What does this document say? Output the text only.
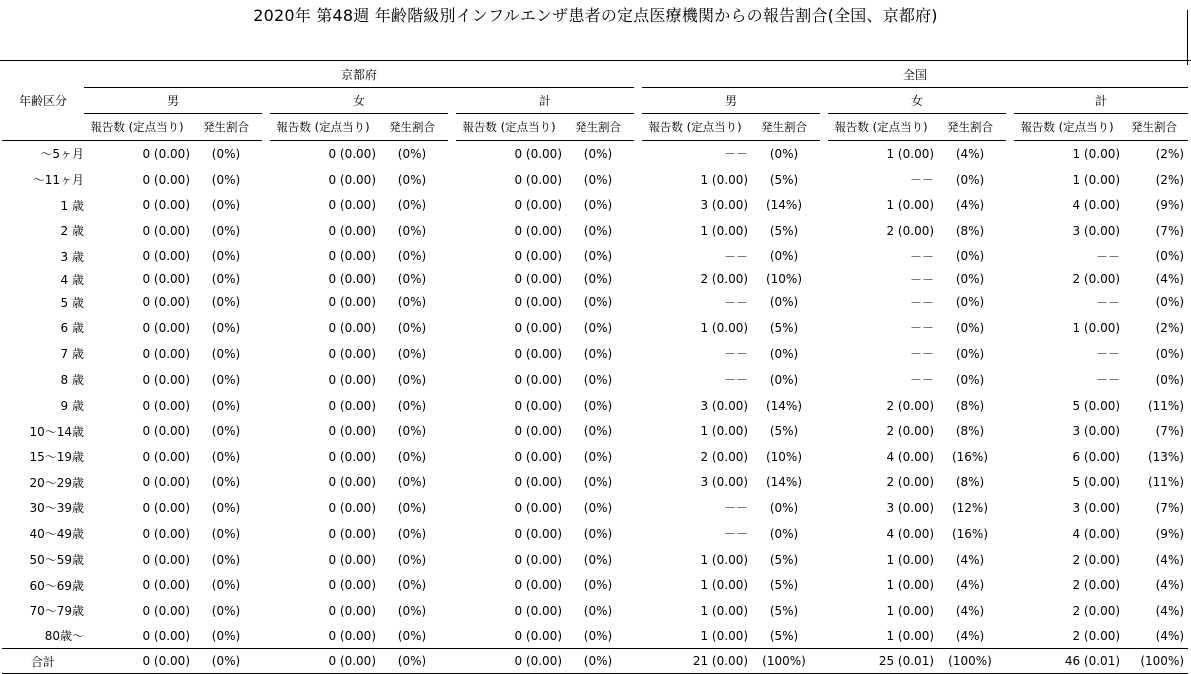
2020年 第48週 年齢階級別インフルエンザ患者の定点医療機関からの報告割合(全国、京都府)
年齢区分	京都府									全国							
	男			女			計			男			女			計	
	報告数 (定点当り)	発生割合		報告数 (定点当り)	発生割合		報告数 (定点当り)	発生割合		報告数 (定点当り)	発生割合		報告数 (定点当り)	発生割合		報告数 (定点当り)	発生割合
～5ヶ月	0 (0.00)	(0%)		0 (0.00)	(0%)		0 (0.00)	(0%)		－－	(0%)		1 (0.00)	(4%)		1 (0.00)	(2%)
～11ヶ月	0 (0.00)	(0%)		0 (0.00)	(0%)		0 (0.00)	(0%)		1 (0.00)	(5%)		－－	(0%)		1 (0.00)	(2%)
1 歳	0 (0.00)	(0%)		0 (0.00)	(0%)		0 (0.00)	(0%)		3 (0.00)	(14%)		1 (0.00)	(4%)		4 (0.00)	(9%)
2 歳	0 (0.00)	(0%)		0 (0.00)	(0%)		0 (0.00)	(0%)		1 (0.00)	(5%)		2 (0.00)	(8%)		3 (0.00)	(7%)
3 歳	0 (0.00)	(0%)		0 (0.00)	(0%)		0 (0.00)	(0%)		－－	(0%)		－－	(0%)		－－	(0%)
4 歳	0 (0.00)	(0%)		0 (0.00)	(0%)		0 (0.00)	(0%)		2 (0.00)	(10%)		－－	(0%)		2 (0.00)	(4%)
5 歳	0 (0.00)	(0%)		0 (0.00)	(0%)		0 (0.00)	(0%)		－－	(0%)		－－	(0%)		－－	(0%)
6 歳	0 (0.00)	(0%)		0 (0.00)	(0%)		0 (0.00)	(0%)		1 (0.00)	(5%)		－－	(0%)		1 (0.00)	(2%)
7 歳	0 (0.00)	(0%)		0 (0.00)	(0%)		0 (0.00)	(0%)		－－	(0%)		－－	(0%)		－－	(0%)
8 歳	0 (0.00)	(0%)		0 (0.00)	(0%)		0 (0.00)	(0%)		－－	(0%)		－－	(0%)		－－	(0%)
9 歳	0 (0.00)	(0%)		0 (0.00)	(0%)		0 (0.00)	(0%)		3 (0.00)	(14%)		2 (0.00)	(8%)		5 (0.00)	(11%)
10～14歳	0 (0.00)	(0%)		0 (0.00)	(0%)		0 (0.00)	(0%)		1 (0.00)	(5%)		2 (0.00)	(8%)		3 (0.00)	(7%)
15～19歳	0 (0.00)	(0%)		0 (0.00)	(0%)		0 (0.00)	(0%)		2 (0.00)	(10%)		4 (0.00)	(16%)		6 (0.00)	(13%)
20～29歳	0 (0.00)	(0%)		0 (0.00)	(0%)		0 (0.00)	(0%)		3 (0.00)	(14%)		2 (0.00)	(8%)		5 (0.00)	(11%)
30～39歳	0 (0.00)	(0%)		0 (0.00)	(0%)		0 (0.00)	(0%)		－－	(0%)		3 (0.00)	(12%)		3 (0.00)	(7%)
40～49歳	0 (0.00)	(0%)		0 (0.00)	(0%)		0 (0.00)	(0%)		－－	(0%)		4 (0.00)	(16%)		4 (0.00)	(9%)
50～59歳	0 (0.00)	(0%)		0 (0.00)	(0%)		0 (0.00)	(0%)		1 (0.00)	(5%)		1 (0.00)	(4%)		2 (0.00)	(4%)
60～69歳	0 (0.00)	(0%)		0 (0.00)	(0%)		0 (0.00)	(0%)		1 (0.00)	(5%)		1 (0.00)	(4%)		2 (0.00)	(4%)
70～79歳	0 (0.00)	(0%)		0 (0.00)	(0%)		0 (0.00)	(0%)		1 (0.00)	(5%)		1 (0.00)	(4%)		2 (0.00)	(4%)
80歳～	0 (0.00)	(0%)		0 (0.00)	(0%)		0 (0.00)	(0%)		1 (0.00)	(5%)		1 (0.00)	(4%)		2 (0.00)	(4%)
合計	0 (0.00)	(0%)		0 (0.00)	(0%)		0 (0.00)	(0%)		21 (0.00)	(100%)		25 (0.01)	(100%)		46 (0.01)	(100%)
